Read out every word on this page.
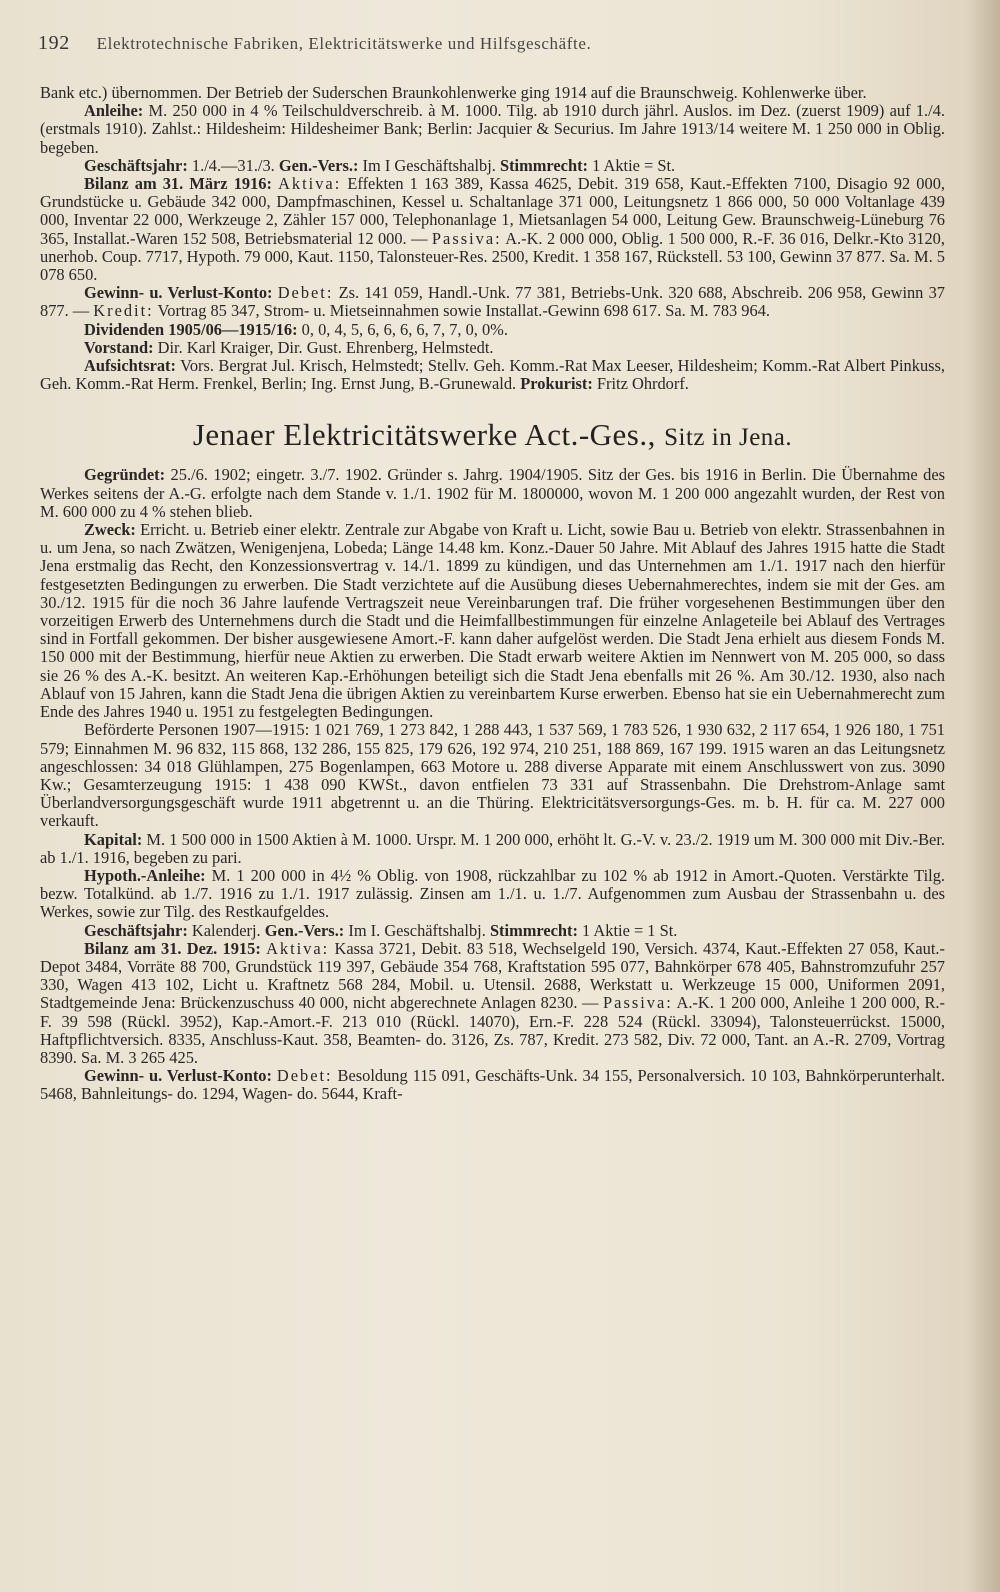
192 Elektrotechnische Fabriken, Elektricitätswerke und Hilfsgeschäfte.

Bank etc.) übernommen. Der Betrieb der Suderschen Braunkohlenwerke ging 1914 auf die Braunschweig. Kohlenwerke über.

Anleihe: M. 250 000 in 4 % Teilschuldverschreib. à M. 1000. Tilg. ab 1910 durch jährl. Auslos. im Dez. (zuerst 1909) auf 1./4. (erstmals 1910). Zahlst.: Hildesheim: Hildesheimer Bank; Berlin: Jacquier & Securius. Im Jahre 1913/14 weitere M. 1 250 000 in Oblig. begeben.

Geschäftsjahr: 1./4.—31./3. Gen.-Vers.: Im I Geschäftshalbj. Stimmrecht: 1 Aktie = St.

Bilanz am 31. März 1916: Aktiva: Effekten 1 163 389, Kassa 4625, Debit. 319 658, Kaut.-Effekten 7100, Disagio 92 000, Grundstücke u. Gebäude 342 000, Dampfmaschinen, Kessel u. Schaltanlage 371 000, Leitungsnetz 1 866 000, 50 000 Voltanlage 439 000, Inventar 22 000, Werkzeuge 2, Zähler 157 000, Telephonanlage 1, Mietsanlagen 54 000, Leitung Gew. Braunschweig-Lüneburg 76 365, Installat.-Waren 152 508, Betriebsmaterial 12 000. — Passiva: A.-K. 2 000 000, Oblig. 1 500 000, R.-F. 36 016, Delkr.-Kto 3120, unerhob. Coup. 7717, Hypoth. 79 000, Kaut. 1150, Talonsteuer-Res. 2500, Kredit. 1 358 167, Rückstell. 53 100, Gewinn 37 877. Sa. M. 5 078 650.

Gewinn- u. Verlust-Konto: Debet: Zs. 141 059, Handl.-Unk. 77 381, Betriebs-Unk. 320 688, Abschreib. 206 958, Gewinn 37 877. — Kredit: Vortrag 85 347, Strom- u. Mietseinnahmen sowie Installat.-Gewinn 698 617. Sa. M. 783 964.

Dividenden 1905/06—1915/16: 0, 0, 4, 5, 6, 6, 6, 6, 7, 7, 0, 0%.

Vorstand: Dir. Karl Kraiger, Dir. Gust. Ehrenberg, Helmstedt.

Aufsichtsrat: Vors. Bergrat Jul. Krisch, Helmstedt; Stellv. Geh. Komm.-Rat Max Leeser, Hildesheim; Komm.-Rat Albert Pinkuss, Geh. Komm.-Rat Herm. Frenkel, Berlin; Ing. Ernst Jung, B.-Grunewald. Prokurist: Fritz Ohrdorf.

Jenaer Elektricitätswerke Act.-Ges., Sitz in Jena.

Gegründet: 25./6. 1902; eingetr. 3./7. 1902. Gründer s. Jahrg. 1904/1905. Sitz der Ges. bis 1916 in Berlin. Die Übernahme des Werkes seitens der A.-G. erfolgte nach dem Stande v. 1./1. 1902 für M. 1800000, wovon M. 1 200 000 angezahlt wurden, der Rest von M. 600 000 zu 4 % stehen blieb.

Zweck: Erricht. u. Betrieb einer elektr. Zentrale zur Abgabe von Kraft u. Licht, sowie Bau u. Betrieb von elektr. Strassenbahnen in u. um Jena, so nach Zwätzen, Wenigenjena, Lobeda; Länge 14.48 km. Konz.-Dauer 50 Jahre. Mit Ablauf des Jahres 1915 hatte die Stadt Jena erstmalig das Recht, den Konzessionsvertrag v. 14./1. 1899 zu kündigen, und das Unternehmen am 1./1. 1917 nach den hierfür festgesetzten Bedingungen zu erwerben. Die Stadt verzichtete auf die Ausübung dieses Uebernahmerechtes, indem sie mit der Ges. am 30./12. 1915 für die noch 36 Jahre laufende Vertragszeit neue Vereinbarungen traf. Die früher vorgesehenen Bestimmungen über den vorzeitigen Erwerb des Unternehmens durch die Stadt und die Heimfallbestimmungen für einzelne Anlageteile bei Ablauf des Vertrages sind in Fortfall gekommen. Der bisher ausgewiesene Amort.-F. kann daher aufgelöst werden. Die Stadt Jena erhielt aus diesem Fonds M. 150 000 mit der Bestimmung, hierfür neue Aktien zu erwerben. Die Stadt erwarb weitere Aktien im Nennwert von M. 205 000, so dass sie 26 % des A.-K. besitzt. An weiteren Kap.-Erhöhungen beteiligt sich die Stadt Jena ebenfalls mit 26 %. Am 30./12. 1930, also nach Ablauf von 15 Jahren, kann die Stadt Jena die übrigen Aktien zu vereinbartem Kurse erwerben. Ebenso hat sie ein Uebernahmerecht zum Ende des Jahres 1940 u. 1951 zu festgelegten Bedingungen.

Beförderte Personen 1907—1915: 1 021 769, 1 273 842, 1 288 443, 1 537 569, 1 783 526, 1 930 632, 2 117 654, 1 926 180, 1 751 579; Einnahmen M. 96 832, 115 868, 132 286, 155 825, 179 626, 192 974, 210 251, 188 869, 167 199. 1915 waren an das Leitungsnetz angeschlossen: 34 018 Glühlampen, 275 Bogenlampen, 663 Motore u. 288 diverse Apparate mit einem Anschlusswert von zus. 3090 Kw.; Gesamterzeugung 1915: 1 438 090 KWSt., davon entfielen 73 331 auf Strassenbahn. Die Drehstrom-Anlage samt Überlandversorgungsgeschäft wurde 1911 abgetrennt u. an die Thüring. Elektricitätsversorgungs-Ges. m. b. H. für ca. M. 227 000 verkauft.

Kapital: M. 1 500 000 in 1500 Aktien à M. 1000. Urspr. M. 1 200 000, erhöht lt. G.-V. v. 23./2. 1919 um M. 300 000 mit Div.-Ber. ab 1./1. 1916, begeben zu pari.

Hypoth.-Anleihe: M. 1 200 000 in 4½ % Oblig. von 1908, rückzahlbar zu 102 % ab 1912 in Amort.-Quoten. Verstärkte Tilg. bezw. Totalkünd. ab 1./7. 1916 zu 1./1. 1917 zulässig. Zinsen am 1./1. u. 1./7. Aufgenommen zum Ausbau der Strassenbahn u. des Werkes, sowie zur Tilg. des Restkaufgeldes.

Geschäftsjahr: Kalenderj. Gen.-Vers.: Im I. Geschäftshalbj. Stimmrecht: 1 Aktie = 1 St.

Bilanz am 31. Dez. 1915: Aktiva: Kassa 3721, Debit. 83 518, Wechselgeld 190, Versich. 4374, Kaut.-Effekten 27 058, Kaut.-Depot 3484, Vorräte 88 700, Grundstück 119 397, Gebäude 354 768, Kraftstation 595 077, Bahnkörper 678 405, Bahnstromzufuhr 257 330, Wagen 413 102, Licht u. Kraftnetz 568 284, Mobil. u. Utensil. 2688, Werkstatt u. Werkzeuge 15 000, Uniformen 2091, Stadtgemeinde Jena: Brückenzuschuss 40 000, nicht abgerechnete Anlagen 8230. — Passiva: A.-K. 1 200 000, Anleihe 1 200 000, R.-F. 39 598 (Rückl. 3952), Kap.-Amort.-F. 213 010 (Rückl. 14070), Ern.-F. 228 524 (Rückl. 33094), Talonsteuerrückst. 15000, Haftpflichtversich. 8335, Anschluss-Kaut. 358, Beamten- do. 3126, Zs. 787, Kredit. 273 582, Div. 72 000, Tant. an A.-R. 2709, Vortrag 8390. Sa. M. 3 265 425.

Gewinn- u. Verlust-Konto: Debet: Besoldung 115 091, Geschäfts-Unk. 34 155, Personalversich. 10 103, Bahnkörperunterhalt. 5468, Bahnleitungs- do. 1294, Wagen- do. 5644, Kraft-
